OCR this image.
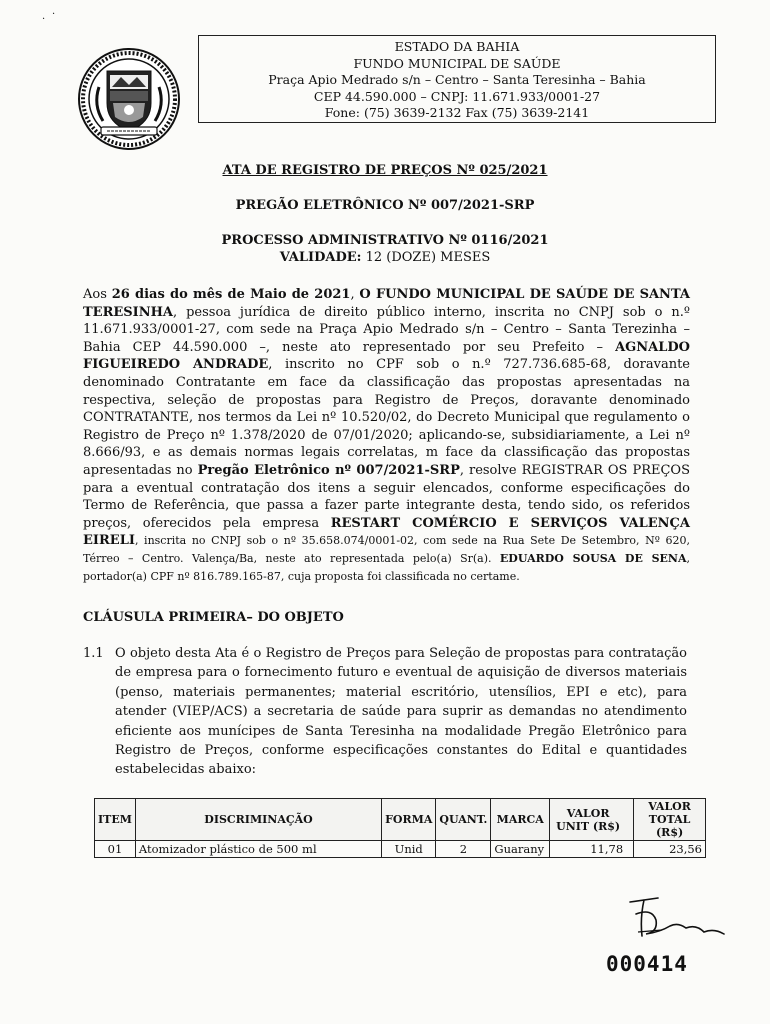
· ·
ESTADO DA BAHIA
FUNDO MUNICIPAL DE SAÚDE
Praça Apio Medrado s/n – Centro – Santa Teresinha – Bahia
CEP 44.590.000 – CNPJ: 11.671.933/0001-27
Fone: (75) 3639-2132 Fax (75) 3639-2141
ATA DE REGISTRO DE PREÇOS Nº 025/2021
PREGÃO ELETRÔNICO Nº 007/2021-SRP
PROCESSO ADMINISTRATIVO Nº 0116/2021
VALIDADE: 12 (DOZE) MESES
Aos 26 dias do mês de Maio de 2021, O FUNDO MUNICIPAL DE SAÚDE DE SANTA TERESINHA, pessoa jurídica de direito público interno, inscrita no CNPJ sob o n.º 11.671.933/0001-27, com sede na Praça Apio Medrado s/n – Centro – Santa Terezinha – Bahia CEP 44.590.000 –, neste ato representado por seu Prefeito – AGNALDO FIGUEIREDO ANDRADE, inscrito no CPF sob o n.º 727.736.685-68, doravante denominado Contratante em face da classificação das propostas apresentadas na respectiva, seleção de propostas para Registro de Preços, doravante denominado CONTRATANTE, nos termos da Lei nº 10.520/02, do Decreto Municipal que regulamento o Registro de Preço nº 1.378/2020 de 07/01/2020; aplicando-se, subsidiariamente, a Lei nº 8.666/93, e as demais normas legais correlatas, m face da classificação das propostas apresentadas no Pregão Eletrônico nº 007/2021-SRP, resolve REGISTRAR OS PREÇOS para a eventual contratação dos itens a seguir elencados, conforme especificações do Termo de Referência, que passa a fazer parte integrante desta, tendo sido, os referidos preços, oferecidos pela empresa RESTART COMÉRCIO E SERVIÇOS VALENÇA EIRELI, inscrita no CNPJ sob o nº 35.658.074/0001-02, com sede na Rua Sete De Setembro, Nº 620, Térreo – Centro. Valença/Ba, neste ato representada pelo(a) Sr(a). EDUARDO SOUSA DE SENA, portador(a) CPF nº 816.789.165-87, cuja proposta foi classificada no certame.
CLÁUSULA PRIMEIRA– DO OBJETO
1.1 O objeto desta Ata é o Registro de Preços para Seleção de propostas para contratação de empresa para o fornecimento futuro e eventual de aquisição de diversos materiais (penso, materiais permanentes; material escritório, utensílios, EPI e etc), para atender (VIEP/ACS) a secretaria de saúde para suprir as demandas no atendimento eficiente aos munícipes de Santa Teresinha na modalidade Pregão Eletrônico para Registro de Preços, conforme especificações constantes do Edital e quantidades estabelecidas abaixo:
ITEM	DISCRIMINAÇÃO	FORMA	QUANT.	MARCA	VALOR UNIT (R$)	VALOR TOTAL (R$)
01	Atomizador plástico de 500 ml	Unid	2	Guarany	11,78	23,56
000414
